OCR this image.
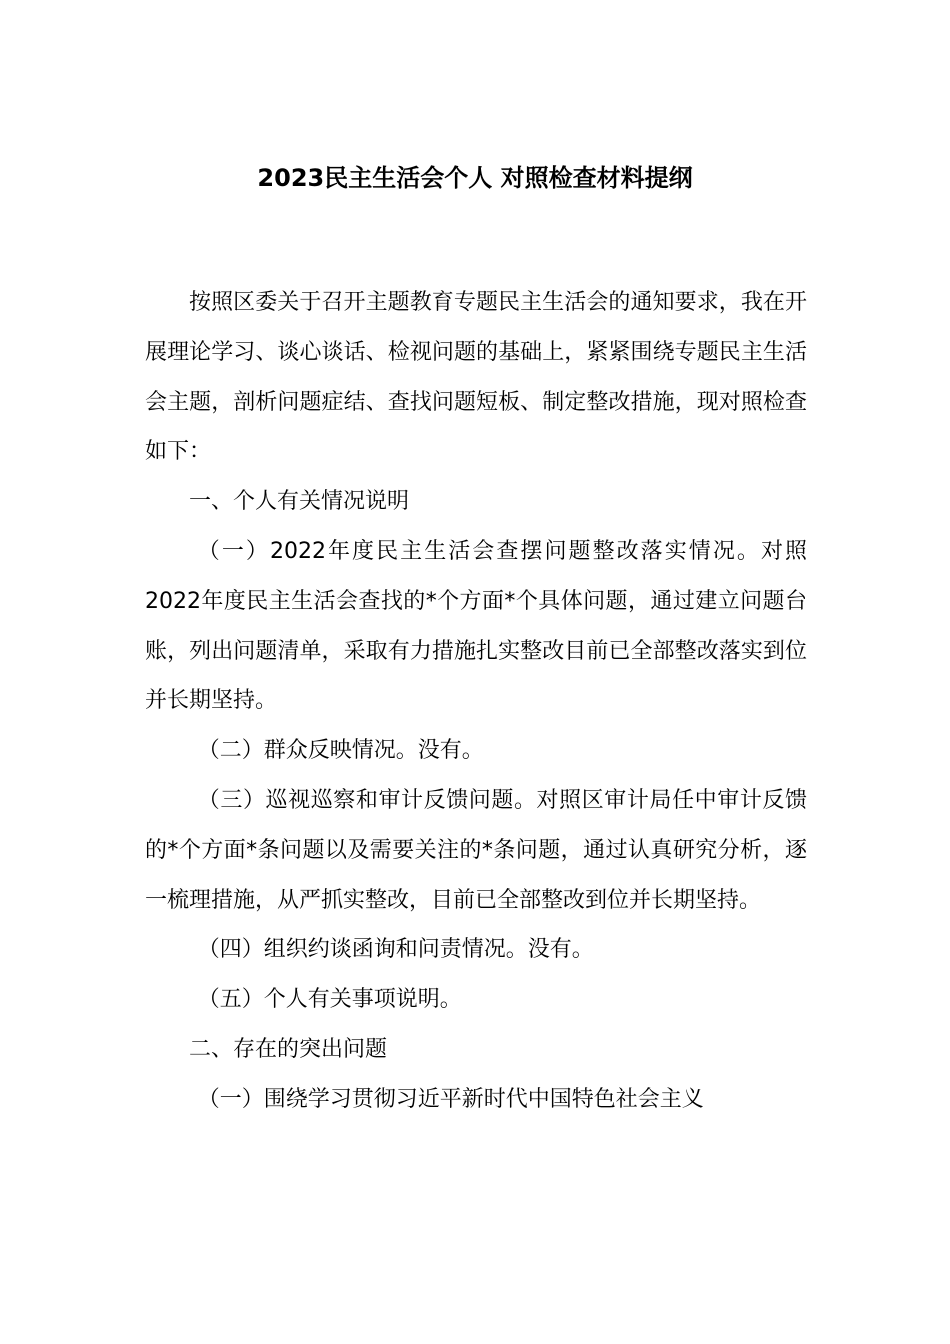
2023民主生活会个人 对照检查材料提纲

按照区委关于召开主题教育专题民主生活会的通知要求，我在开展理论学习、谈心谈话、检视问题的基础上，紧紧围绕专题民主生活会主题，剖析问题症结、查找问题短板、制定整改措施，现对照检查如下：

一、个人有关情况说明

（一）2022年度民主生活会查摆问题整改落实情况。对照2022年度民主生活会查找的*个方面*个具体问题，通过建立问题台账，列出问题清单，采取有力措施扎实整改目前已全部整改落实到位并长期坚持。

（二）群众反映情况。没有。

（三）巡视巡察和审计反馈问题。对照区审计局任中审计反馈的*个方面*条问题以及需要关注的*条问题，通过认真研究分析，逐一梳理措施，从严抓实整改，目前已全部整改到位并长期坚持。

（四）组织约谈函询和问责情况。没有。

（五）个人有关事项说明。

二、存在的突出问题

（一）围绕学习贯彻习近平新时代中国特色社会主义
